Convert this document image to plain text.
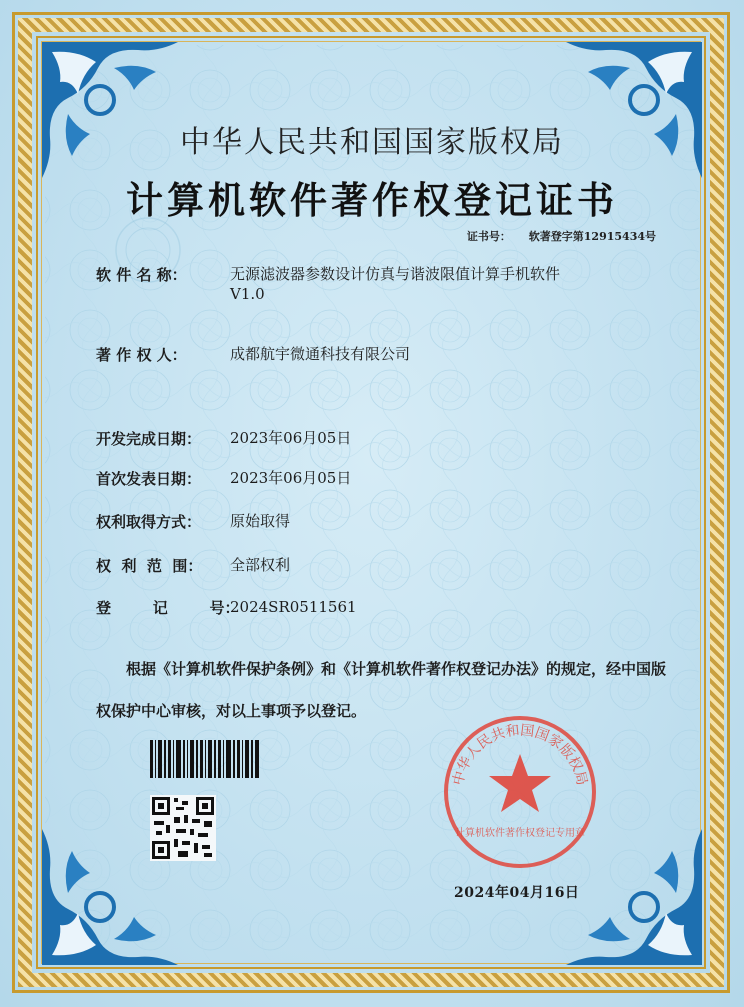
中华人民共和国国家版权局
计算机软件著作权登记证书
证书号： 软著登字第12915434号
软 件 名 称：	无源滤波器参数设计仿真与谐波限值计算手机软件
V1.0
著 作 权 人：	成都航宇微通科技有限公司
开发完成日期：	2023年06月05日
首次发表日期：	2023年06月05日
权利取得方式：	原始取得
权  利  范  围：	全部权利
登        记        号：
2024SR0511561
根据《计算机软件保护条例》和《计算机软件著作权登记办法》的规定，经中国版权保护中心审核，对以上事项予以登记。
中华人民共和国国家版权局
计算机软件著作权登记专用章
2024年04月16日
